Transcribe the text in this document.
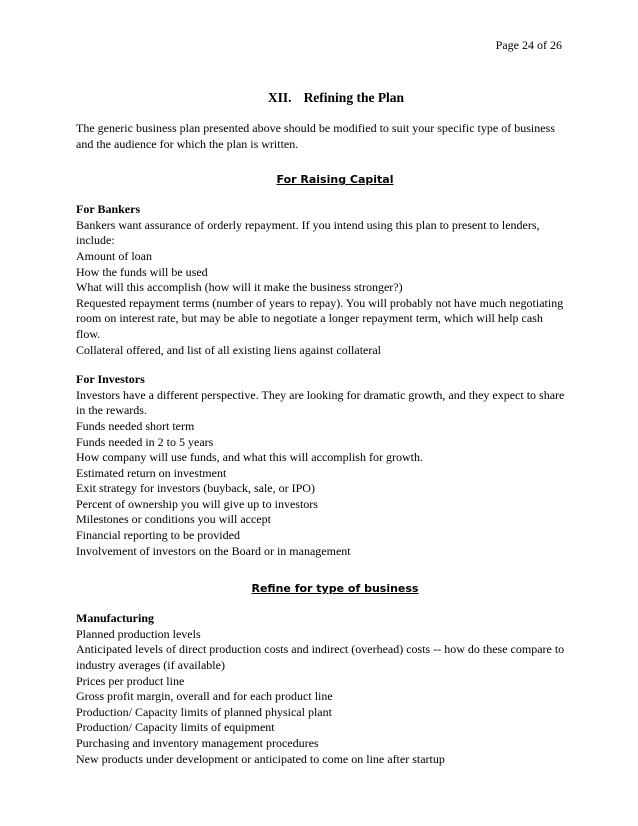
Page 24 of 26
XII. Refining the Plan
The generic business plan presented above should be modified to suit your specific type of business and the audience for which the plan is written.
For Raising Capital
For Bankers
Bankers want assurance of orderly repayment. If you intend using this plan to present to lenders, include:
Amount of loan
How the funds will be used
What will this accomplish (how will it make the business stronger?)
Requested repayment terms (number of years to repay). You will probably not have much negotiating room on interest rate, but may be able to negotiate a longer repayment term, which will help cash flow.
Collateral offered, and list of all existing liens against collateral
For Investors
Investors have a different perspective. They are looking for dramatic growth, and they expect to share in the rewards.
Funds needed short term
Funds needed in 2 to 5 years
How company will use funds, and what this will accomplish for growth.
Estimated return on investment
Exit strategy for investors (buyback, sale, or IPO)
Percent of ownership you will give up to investors
Milestones or conditions you will accept
Financial reporting to be provided
Involvement of investors on the Board or in management
Refine for type of business
Manufacturing
Planned production levels
Anticipated levels of direct production costs and indirect (overhead) costs -- how do these compare to industry averages (if available)
Prices per product line
Gross profit margin, overall and for each product line
Production/ Capacity limits of planned physical plant
Production/ Capacity limits of equipment
Purchasing and inventory management procedures
New products under development or anticipated to come on line after startup
